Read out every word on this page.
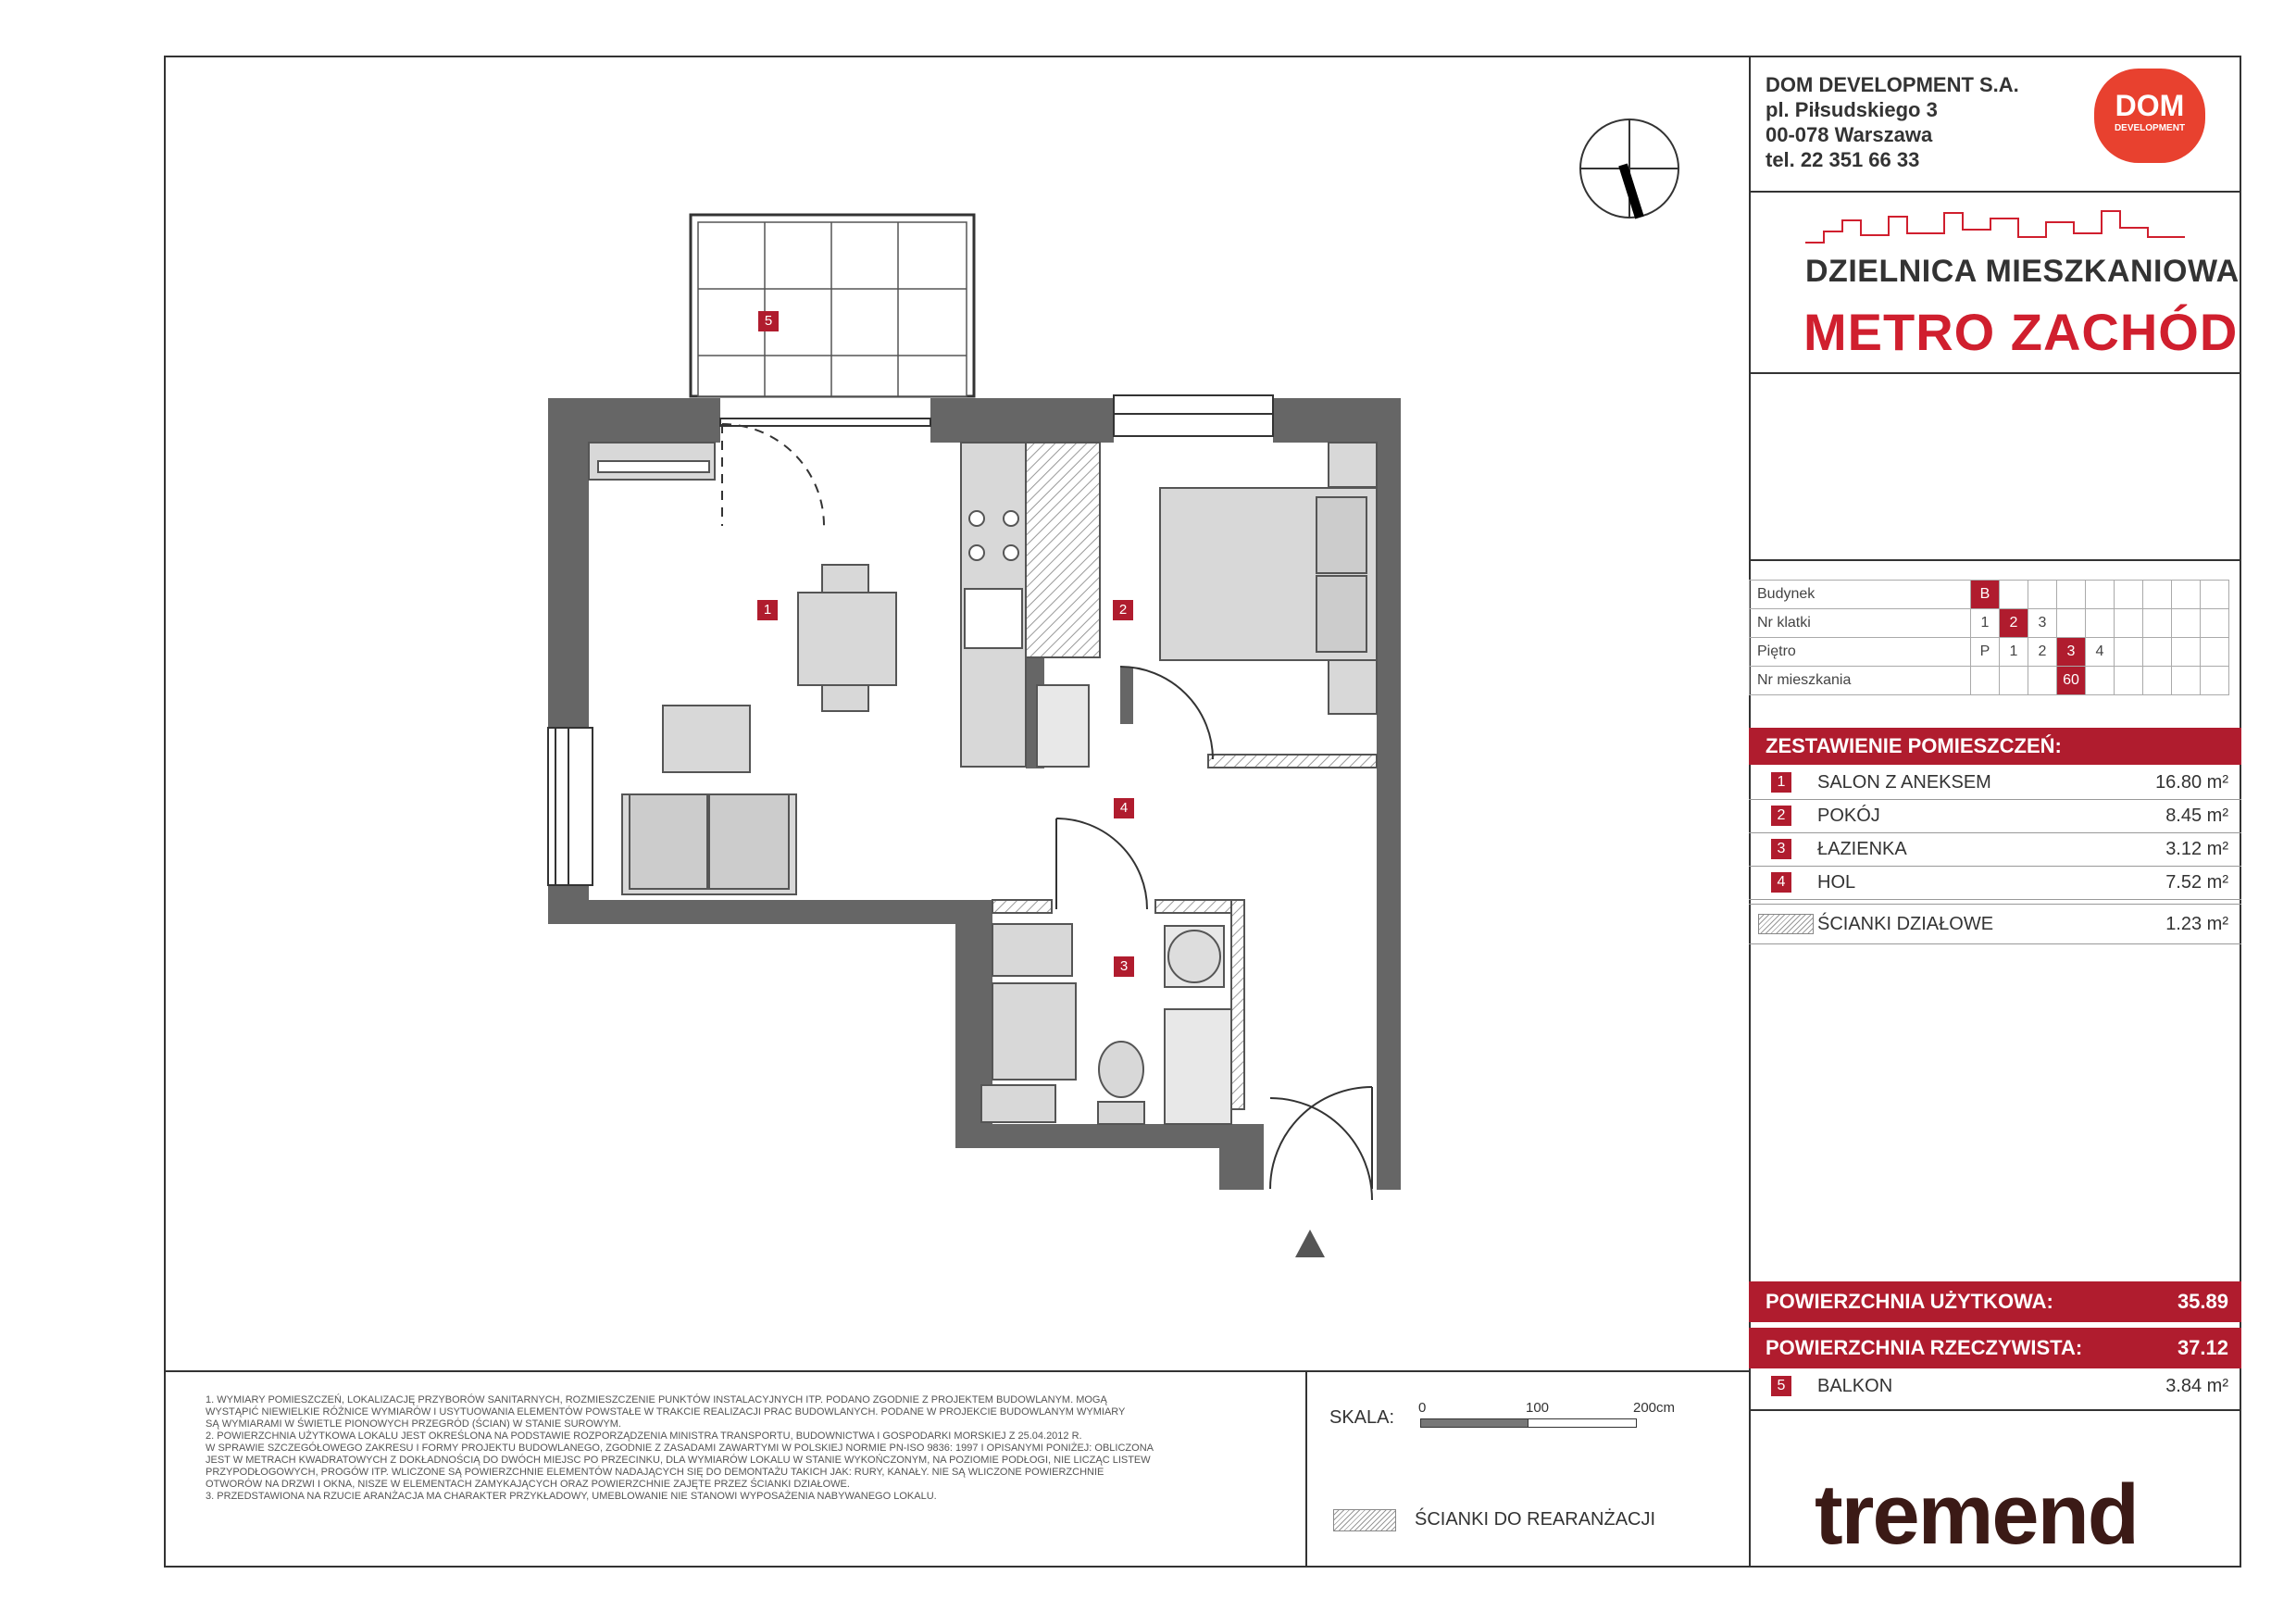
5
1	2
4
3
DOM DEVELOPMENT S.A.
pl. Piłsudskiego 3
00-078 Warszawa
tel. 22 351 66 33
DOM
DEVELOPMENT
DZIELNICA MIESZKANIOWA
METRO ZACHÓD
Budynek	B								
Nr klatki	1	2	3						
Piętro	P	1	2	3	4				
Nr mieszkania				60					
ZESTAWIENIE POMIESZCZEŃ:
1	SALON Z ANEKSEM	16.80 m²
2	POKÓJ	8.45 m²
3	ŁAZIENKA	3.12 m²
4	HOL	7.52 m²
ŚCIANKI DZIAŁOWE	1.23 m²
POWIERZCHNIA UŻYTKOWA:	35.89
POWIERZCHNIA RZECZYWISTA:	37.12
5	BALKON	3.84 m²
tremend

1. WYMIARY POMIESZCZEŃ, LOKALIZACJĘ PRZYBORÓW SANITARNYCH, ROZMIESZCZENIE PUNKTÓW INSTALACYJNYCH ITP. PODANO ZGODNIE Z PROJEKTEM BUDOWLANYM. MOGĄ

WYSTĄPIĆ NIEWIELKIE RÓŻNICE WYMIARÓW I USYTUOWANIA ELEMENTÓW POWSTAŁE W TRAKCIE REALIZACJI PRAC BUDOWLANYCH. PODANE W PROJEKCIE BUDOWLANYM WYMIARY

SĄ WYMIARAMI W ŚWIETLE PIONOWYCH PRZEGRÓD (ŚCIAN) W STANIE SUROWYM.

2. POWIERZCHNIA UŻYTKOWA LOKALU JEST OKREŚLONA NA PODSTAWIE ROZPORZĄDZENIA MINISTRA TRANSPORTU, BUDOWNICTWA I GOSPODARKI MORSKIEJ Z 25.04.2012 R.

W SPRAWIE SZCZEGÓŁOWEGO ZAKRESU I FORMY PROJEKTU BUDOWLANEGO, ZGODNIE Z ZASADAMI ZAWARTYMI W POLSKIEJ NORMIE PN-ISO 9836: 1997 I OPISANYMI PONIŻEJ: OBLICZONA

JEST W METRACH KWADRATOWYCH Z DOKŁADNOŚCIĄ DO DWÓCH MIEJSC PO PRZECINKU, DLA WYMIARÓW LOKALU W STANIE WYKOŃCZONYM, NA POZIOMIE PODŁOGI, NIE LICZĄC LISTEW

PRZYPODŁOGOWYCH, PROGÓW ITP. WLICZONE SĄ POWIERZCHNIE ELEMENTÓW NADAJĄCYCH SIĘ DO DEMONTAŻU TAKICH JAK: RURY, KANAŁY. NIE SĄ WLICZONE POWIERZCHNIE

OTWORÓW NA DRZWI I OKNA, NISZE W ELEMENTACH ZAMYKAJĄCYCH ORAZ POWIERZCHNIE ZAJĘTE PRZEZ ŚCIANKI DZIAŁOWE.

3. PRZEDSTAWIONA NA RZUCIE ARANŻACJA MA CHARAKTER PRZYKŁADOWY, UMEBLOWANIE NIE STANOWI WYPOSAŻENIA NABYWANEGO LOKALU.

SKALA: 0	100	200cm
ŚCIANKI DO REARANŻACJI
